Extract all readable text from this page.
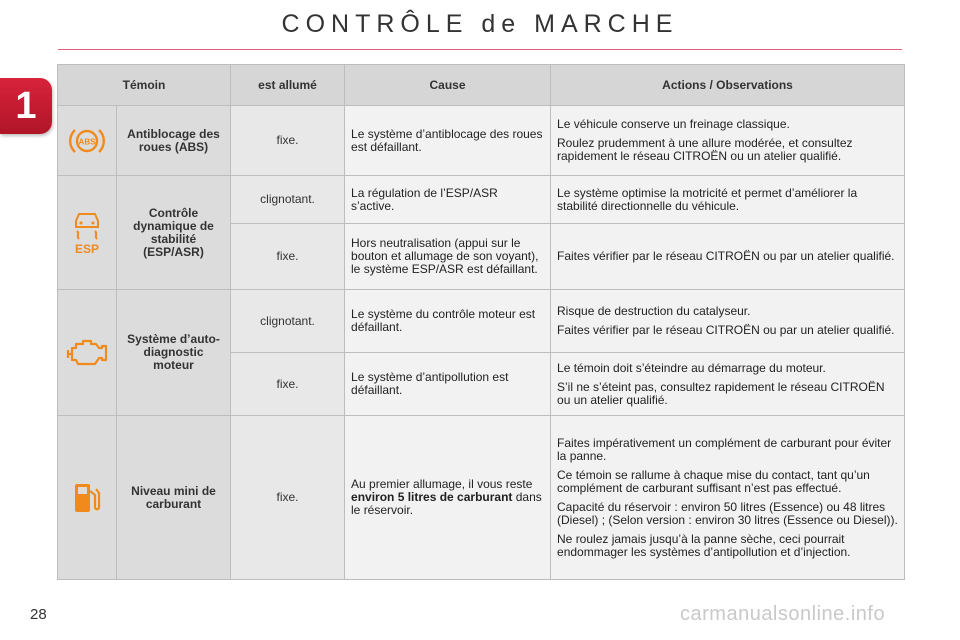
CONTRÔLE de MARCHE
1	Témoin		est allumé	Cause	Actions / Observations

ABS	Antiblocage des roues (ABS)	fixe.	Le système d’antiblocage des roues est défaillant.	Le véhicule conserve un freinage classique.

Roulez prudemment à une allure modérée, et consultez rapidement le réseau CITROËN ou un atelier qualifié.

ESP	Contrôle dynamique de stabilité (ESP/ASR)	clignotant.	La régulation de l’ESP/ASR s’active.	Le système optimise la motricité et permet d’améliorer la stabilité directionnelle du véhicule.

		fixe.	Hors neutralisation (appui sur le bouton et allumage de son voyant), le système ESP/ASR est défaillant.	Faites vérifier par le réseau CITROËN ou par un atelier qualifié.

	Système d’auto-diagnostic moteur	clignotant.	Le système du contrôle moteur est défaillant.	Risque de destruction du catalyseur.

Faites vérifier par le réseau CITROËN ou par un atelier qualifié.

		fixe.	Le système d’antipollution est défaillant.	Le témoin doit s’éteindre au démarrage du moteur.

S’il ne s’éteint pas, consultez rapidement le réseau CITROËN ou un atelier qualifié.

	Niveau mini de carburant	fixe.	Au premier allumage, il vous reste environ 5 litres de carburant dans le réservoir.	Faites impérativement un complément de carburant pour éviter la panne.

Ce témoin se rallume à chaque mise du contact, tant qu’un complément de carburant suffisant n’est pas effectué.

Capacité du réservoir : environ 50 litres (Essence) ou 48 litres (Diesel) ; (Selon version : environ 30 litres (Essence ou Diesel)).

Ne roulez jamais jusqu’à la panne sèche, ceci pourrait endommager les systèmes d’antipollution et d’injection.

28	carmanualsonline.info
